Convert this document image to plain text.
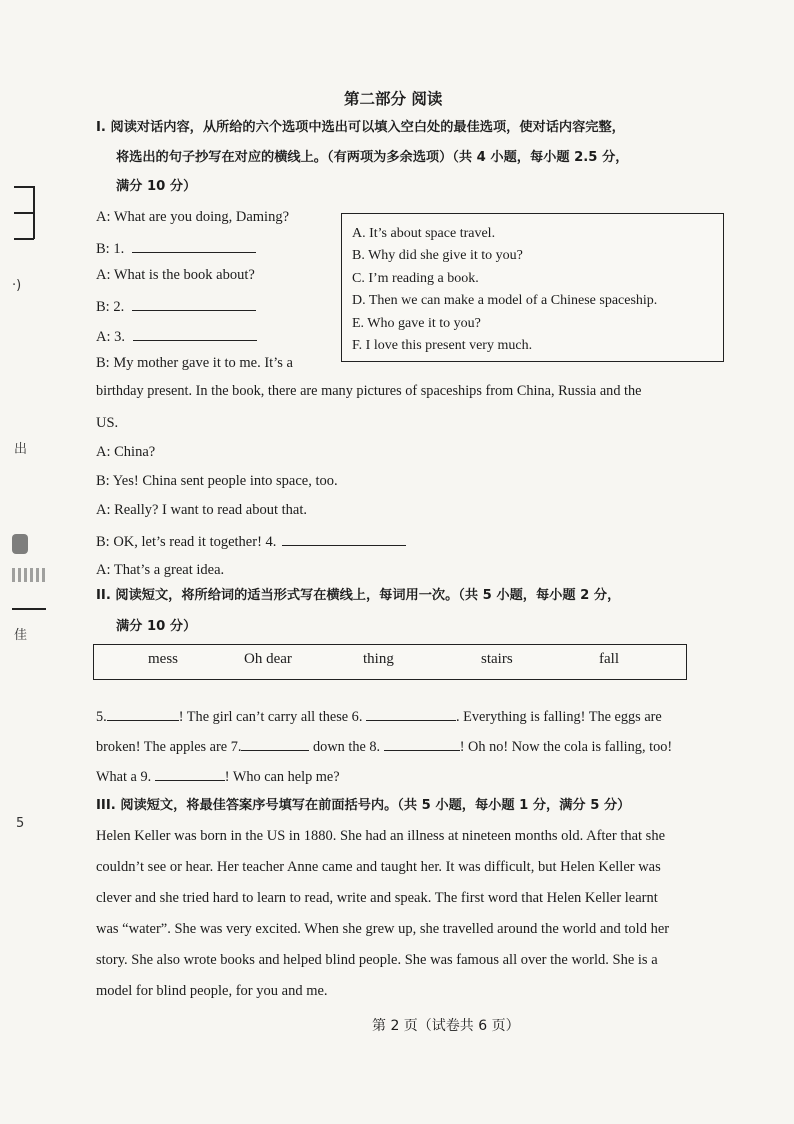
·)
出
佳
5
第二部分 阅读
I. 阅读对话内容，从所给的六个选项中选出可以填入空白处的最佳选项，使对话内容完整，
将选出的句子抄写在对应的横线上。（有两项为多余选项）（共 4 小题，每小题 2.5 分，
满分 10 分）
A: What are you doing, Daming?
B: 1.
A: What is the book about?
B: 2.
A: 3.
B: My mother gave it to me. It’s a
birthday present. In the book, there are many pictures of spaceships from China, Russia and the
US.
A: China?
B: Yes! China sent people into space, too.
A: Really? I want to read about that.
B: OK, let’s read it together! 4.
A: That’s a great idea.
A. It’s about space travel.
B. Why did she give it to you?
C. I’m reading a book.
D. Then we can make a model of a Chinese spaceship.
E. Who gave it to you?
F. I love this present very much.
II. 阅读短文，将所给词的适当形式写在横线上，每词用一次。（共 5 小题，每小题 2 分，
满分 10 分）
mess	Oh dear	thing	stairs	fall
5.	! The girl can’t carry all these 6.	. Everything is falling! The eggs are
broken! The apples are 7.	down the 8.	! Oh no! Now the cola is falling, too!
What a 9.	! Who can help me?
III. 阅读短文，将最佳答案序号填写在前面括号内。（共 5 小题，每小题 1 分，满分 5 分）
Helen Keller was born in the US in 1880. She had an illness at nineteen months old. After that she
couldn’t see or hear. Her teacher Anne came and taught her. It was difficult, but Helen Keller was
clever and she tried hard to learn to read, write and speak. The first word that Helen Keller learnt
was “water”. She was very excited. When she grew up, she travelled around the world and told her
story. She also wrote books and helped blind people. She was famous all over the world. She is a
model for blind people, for you and me.
第 2 页（试卷共 6 页）
